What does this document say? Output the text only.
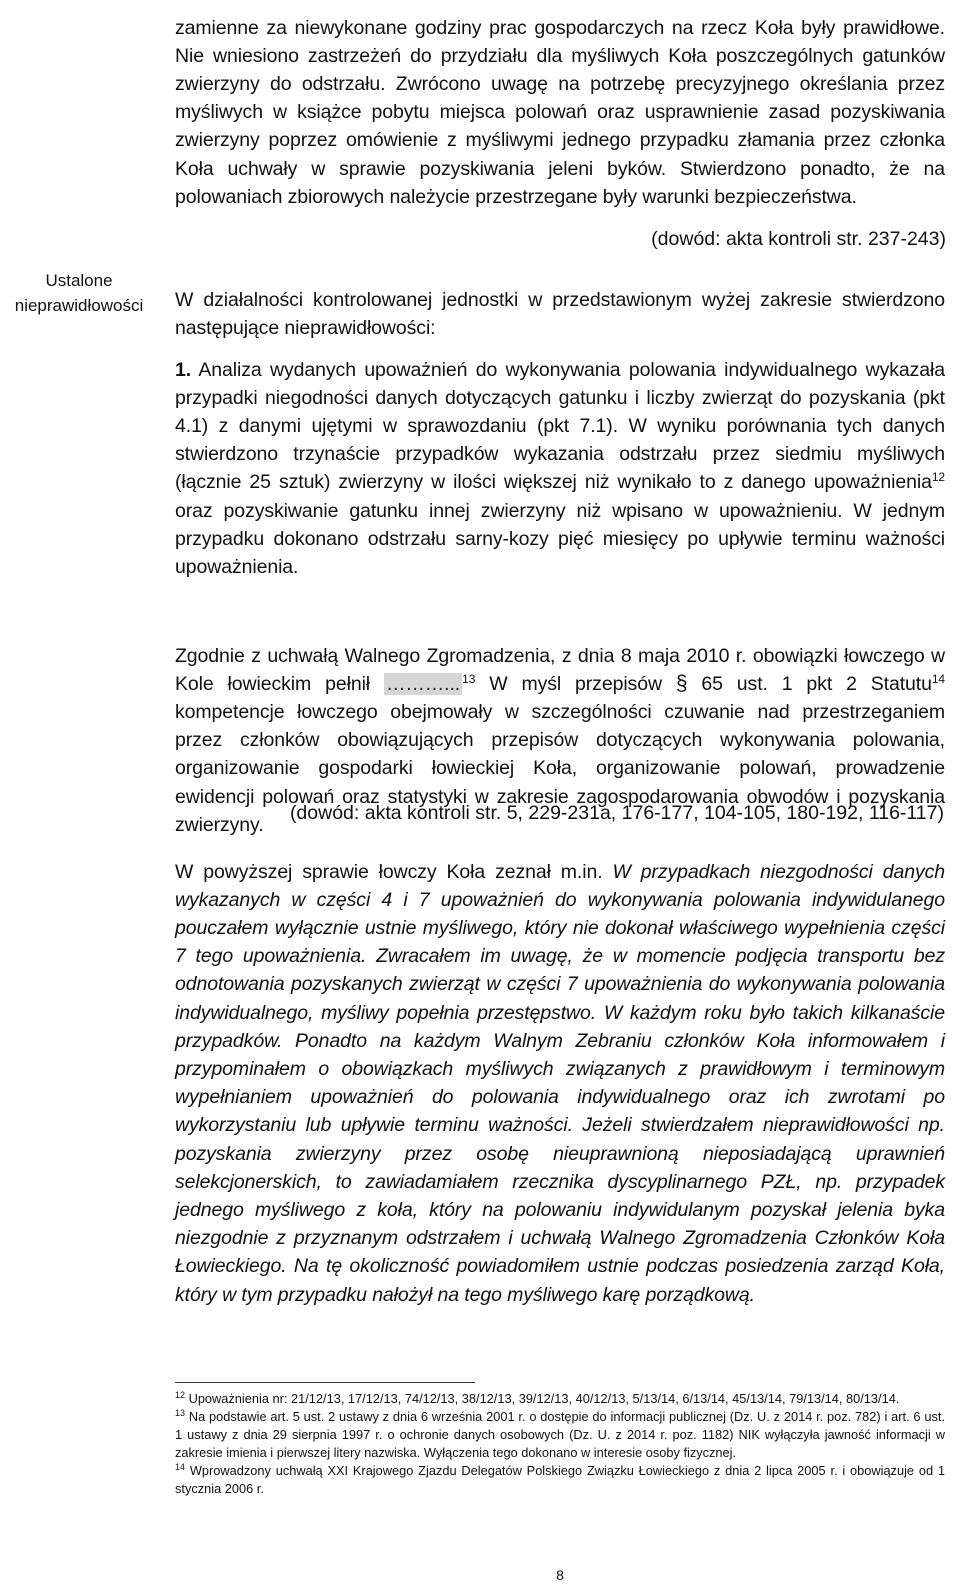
Ustalone
nieprawidłowości

zamienne za niewykonane godziny prac gospodarczych na rzecz Koła były prawidłowe. Nie wniesiono zastrzeżeń do przydziału dla myśliwych Koła poszczególnych gatunków zwierzyny do odstrzału. Zwrócono uwagę na potrzebę precyzyjnego określania przez myśliwych w książce pobytu miejsca polowań oraz usprawnienie zasad pozyskiwania zwierzyny poprzez omówienie z myśliwymi jednego przypadku złamania przez członka Koła uchwały w sprawie pozyskiwania jeleni byków. Stwierdzono ponadto, że na polowaniach zbiorowych należycie przestrzegane były warunki bezpieczeństwa.

(dowód: akta kontroli str. 237-243)

W działalności kontrolowanej jednostki w przedstawionym wyżej zakresie stwierdzono następujące nieprawidłowości:

1. Analiza wydanych upoważnień do wykonywania polowania indywidualnego wykazała przypadki niegodności danych dotyczących gatunku i liczby zwierząt do pozyskania (pkt 4.1) z danymi ujętymi w sprawozdaniu (pkt 7.1). W wyniku porównania tych danych stwierdzono trzynaście przypadków wykazania odstrzału przez siedmiu myśliwych (łącznie 25 sztuk) zwierzyny w ilości większej niż wynikało to z danego upoważnienia$^{12}$ oraz pozyskiwanie gatunku innej zwierzyny niż wpisano w upoważnieniu. W jednym przypadku dokonano odstrzału sarny-kozy pięć miesięcy po upływie terminu ważności upoważnienia.

Zgodnie z uchwałą Walnego Zgromadzenia, z dnia 8 maja 2010 r. obowiązki łowczego w Kole łowieckim pełnił ………... $^{13}$ W myśl przepisów § 65 ust. 1 pkt 2 Statutu$^{14}$ kompetencje łowczego obejmowały w szczególności czuwanie nad przestrzeganiem przez członków obowiązujących przepisów dotyczących wykonywania polowania, organizowanie gospodarki łowieckiej Koła, organizowanie polowań, prowadzenie ewidencji polowań oraz statystyki w zakresie zagospodarowania obwodów i pozyskania zwierzyny.

(dowód: akta kontroli str. 5, 229-231a, 176-177, 104-105, 180-192, 116-117)

W powyższej sprawie łowczy Koła zeznał m.in. W przypadkach niezgodności danych wykazanych w części 4 i 7 upoważnień do wykonywania polowania indywidulanego pouczałem wyłącznie ustnie myśliwego, który nie dokonał właściwego wypełnienia części 7 tego upoważnienia. Zwracałem im uwagę, że w momencie podjęcia transportu bez odnotowania pozyskanych zwierząt w części 7 upoważnienia do wykonywania polowania indywidualnego, myśliwy popełnia przestępstwo. W każdym roku było takich kilkanaście przypadków. Ponadto na każdym Walnym Zebraniu członków Koła informowałem i przypominałem o obowiązkach myśliwych związanych z prawidłowym i terminowym wypełnianiem upoważnień do polowania indywidualnego oraz ich zwrotami po wykorzystaniu lub upływie terminu ważności. Jeżeli stwierdzałem nieprawidłowości np. pozyskania zwierzyny przez osobę nieuprawnioną nieposiadającą uprawnień selekcjonerskich, to zawiadamiałem rzecznika dyscyplinarnego PZŁ, np. przypadek jednego myśliwego z koła, który na polowaniu indywidulanym pozyskał jelenia byka niezgodnie z przyznanym odstrzałem i uchwałą Walnego Zgromadzenia Członków Koła Łowieckiego. Na tę okoliczność powiadomiłem ustnie podczas posiedzenia zarząd Koła, który w tym przypadku nałożył na tego myśliwego karę porządkową.

$^{12}$ Upoważnienia nr: 21/12/13, 17/12/13, 74/12/13, 38/12/13, 39/12/13, 40/12/13, 5/13/14, 6/13/14, 45/13/14, 79/13/14, 80/13/14.

$^{13}$ Na podstawie art. 5 ust. 2 ustawy z dnia 6 września 2001 r. o dostępie do informacji publicznej (Dz. U. z 2014 r. poz. 782) i art. 6 ust. 1 ustawy z dnia 29 sierpnia 1997 r. o ochronie danych osobowych (Dz. U. z 2014 r. poz. 1182) NIK wyłączyła jawność informacji w zakresie imienia i pierwszej litery nazwiska. Wyłączenia tego dokonano w interesie osoby fizycznej.

$^{14}$ Wprowadzony uchwałą XXI Krajowego Zjazdu Delegatów Polskiego Związku Łowieckiego z dnia 2 lipca 2005 r. i obowiązuje od 1 stycznia 2006 r.

8
